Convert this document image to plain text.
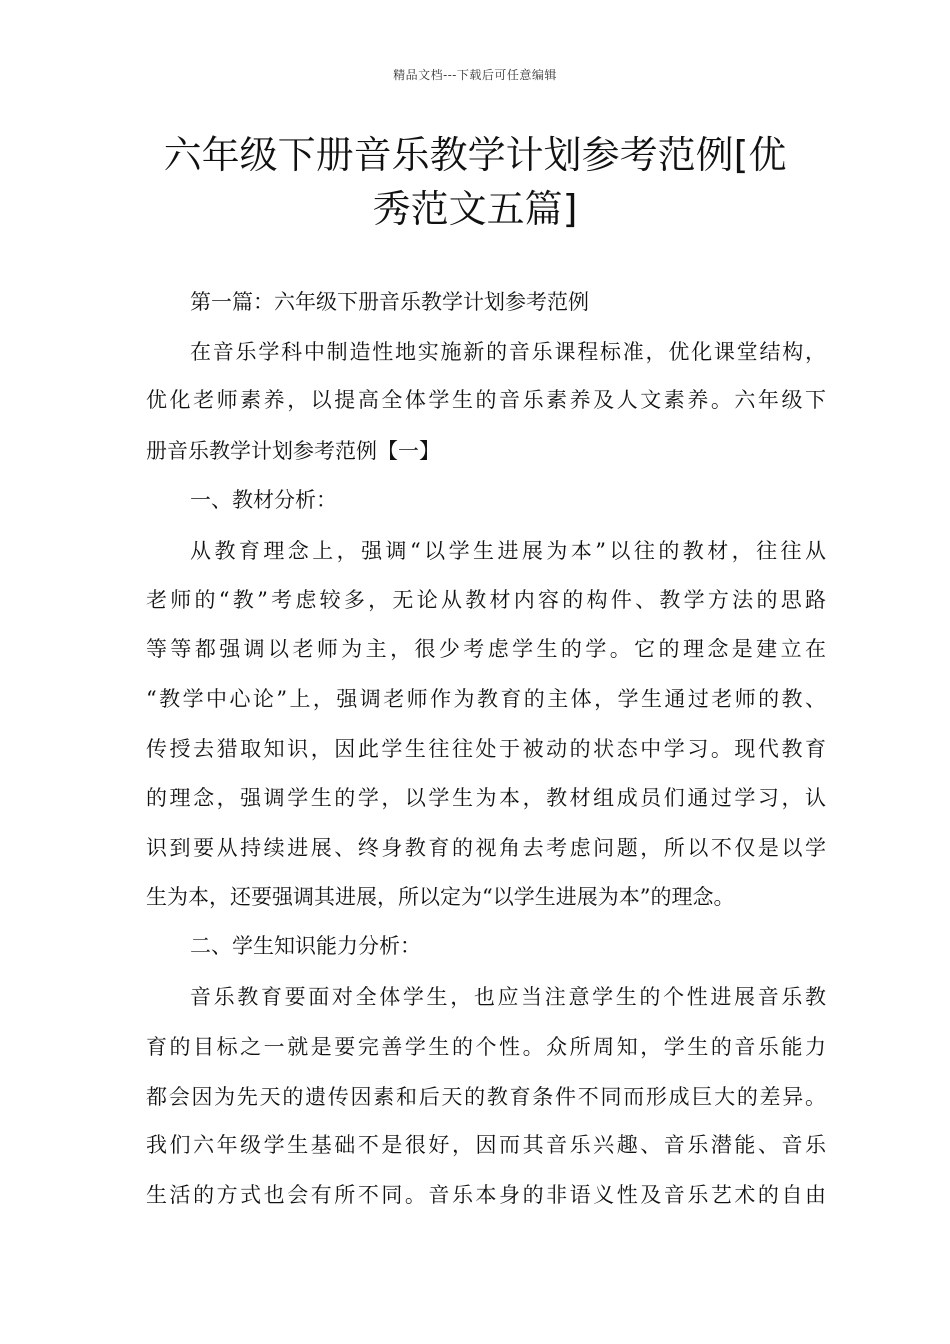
精品文档---下载后可任意编辑
六年级下册音乐教学计划参考范例[优
秀范文五篇]
第一篇：六年级下册音乐教学计划参考范例
在音乐学科中制造性地实施新的音乐课程标准，优化课堂结构，
优化老师素养，以提高全体学生的音乐素养及人文素养。六年级下
册音乐教学计划参考范例【一】
一、教材分析：
从教育理念上，强调“以学生进展为本”以往的教材，往往从
老师的“教”考虑较多，无论从教材内容的构件、教学方法的思路
等等都强调以老师为主，很少考虑学生的学。它的理念是建立在
“教学中心论”上，强调老师作为教育的主体，学生通过老师的教、
传授去猎取知识，因此学生往往处于被动的状态中学习。现代教育
的理念，强调学生的学，以学生为本，教材组成员们通过学习，认
识到要从持续进展、终身教育的视角去考虑问题，所以不仅是以学
生为本，还要强调其进展，所以定为“以学生进展为本”的理念。
二、学生知识能力分析：
音乐教育要面对全体学生，也应当注意学生的个性进展音乐教
育的目标之一就是要完善学生的个性。众所周知，学生的音乐能力
都会因为先天的遗传因素和后天的教育条件不同而形成巨大的差异。
我们六年级学生基础不是很好，因而其音乐兴趣、音乐潜能、音乐
生活的方式也会有所不同。音乐本身的非语义性及音乐艺术的自由
